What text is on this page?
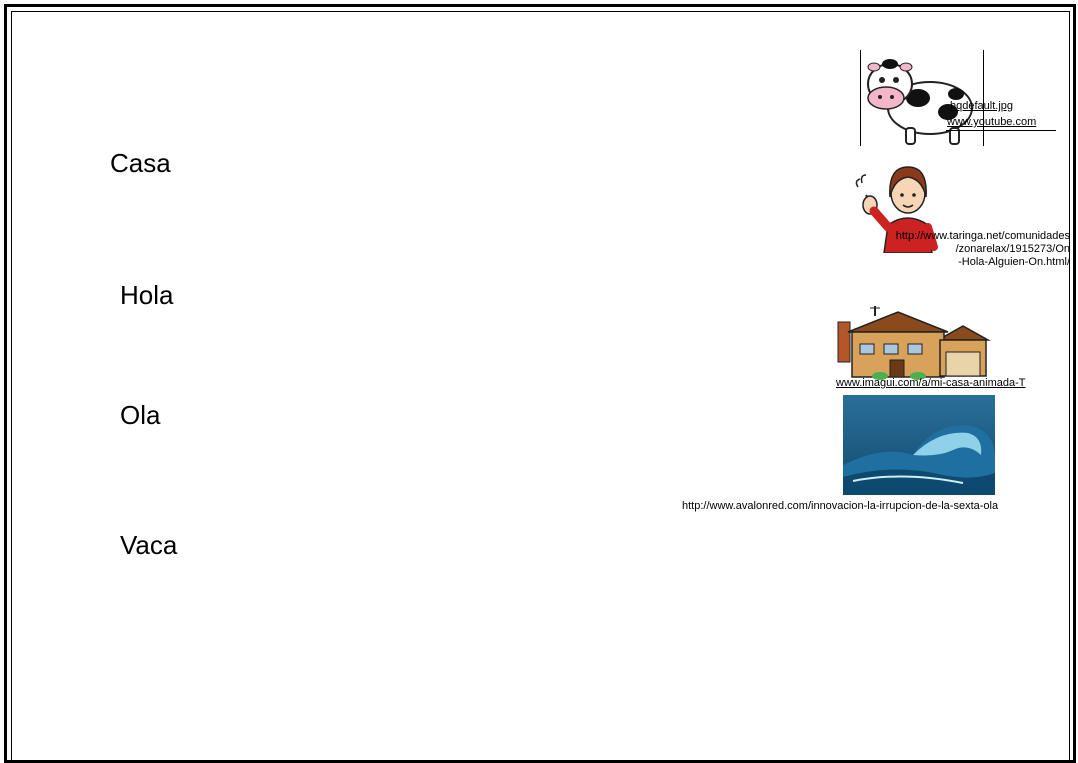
Casa
Hola
Ola
Vaca
hqdefault.jpg
www.youtube.com
http://www.taringa.net/comunidades
/zonarelax/1915273/On
-Hola-Alguien-On.html/
www.imagui.com/a/mi-casa-animada-T
http://www.avalonred.com/innovacion-la-irrupcion-de-la-sexta-ola
